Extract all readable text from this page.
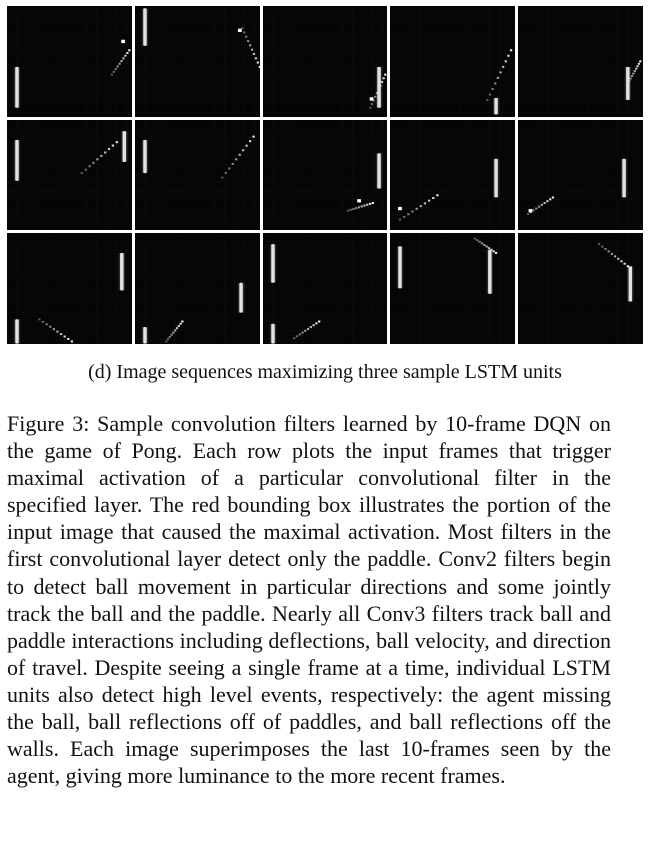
(d) Image sequences maximizing three sample LSTM units
Figure 3: Sample convolution filters learned by 10-frame DQN on the game of Pong. Each row plots the input frames that trigger maximal activation of a particular convolutional filter in the specified layer. The red bounding box illustrates the portion of the input image that caused the maximal activation. Most filters in the first convolutional layer detect only the paddle. Conv2 filters begin to detect ball movement in particular directions and some jointly track the ball and the paddle. Nearly all Conv3 filters track ball and paddle interactions including deflections, ball velocity, and direction of travel. Despite seeing a single frame at a time, individual LSTM units also detect high level events, respectively: the agent missing the ball, ball reflections off of paddles, and ball reflections off the walls. Each image superimposes the last 10-frames seen by the agent, giving more luminance to the more recent frames.
